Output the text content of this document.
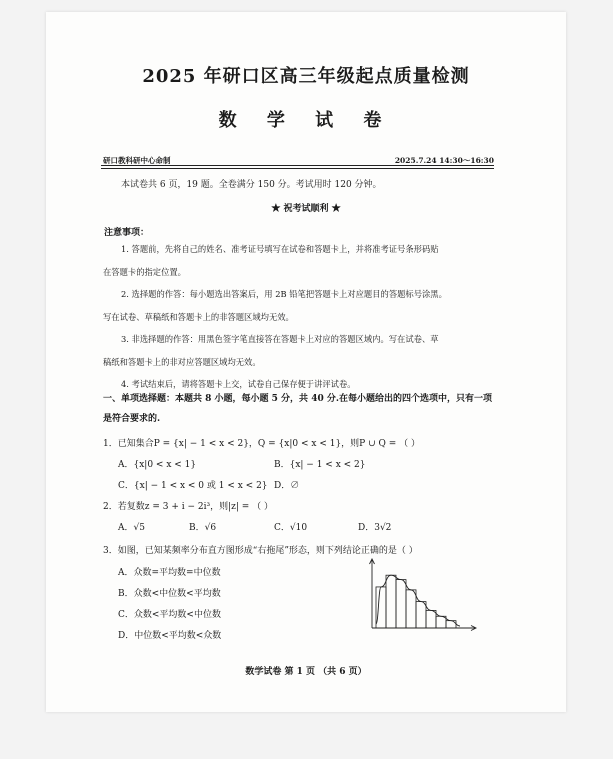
2025 年研口区高三年级起点质量检测
数 学 试 卷
研口教科研中心命制	2025.7.24 14:30～16:30
本试卷共 6 页，19 题。全卷满分 150 分。考试用时 120 分钟。
★ 祝考试顺利 ★
注意事项：

1. 答题前，先将自己的姓名、准考证号填写在试卷和答题卡上，并将准考证号条形码贴

在答题卡的指定位置。

2. 选择题的作答：每小题选出答案后，用 2B 铅笔把答题卡上对应题目的答题标号涂黑。

写在试卷、草稿纸和答题卡上的非答题区域均无效。

3. 非选择题的作答：用黑色签字笔直接答在答题卡上对应的答题区域内。写在试卷、草

稿纸和答题卡上的非对应答题区域均无效。

4. 考试结束后，请将答题卡上交，试卷自己保存便于讲评试卷。

一、单项选择题：本题共 8 小题，每小题 5 分，共 40 分.在每小题给出的四个选项中，只有一项是符合要求的.
1．已知集合P = {x| − 1 < x < 2}，Q = {x|0 < x < 1}，则P ∪ Q = （ ）
A．{x|0 < x < 1}	B．{x| − 1 < x < 2}
C．{x| − 1 < x < 0 或 1 < x < 2} D．∅
2．若复数z = 3 + i − 2i³，则|z| = （ ）
A．√5	B．√6	C．√10	D．3√2
3．如图，已知某频率分布直方图形成“右拖尾”形态，则下列结论正确的是（ ）
A．众数=平均数=中位数
B．众数<中位数<平均数
C．众数<平均数<中位数
D．中位数<平均数<众数
数学试卷 第 1 页 （共 6 页）
